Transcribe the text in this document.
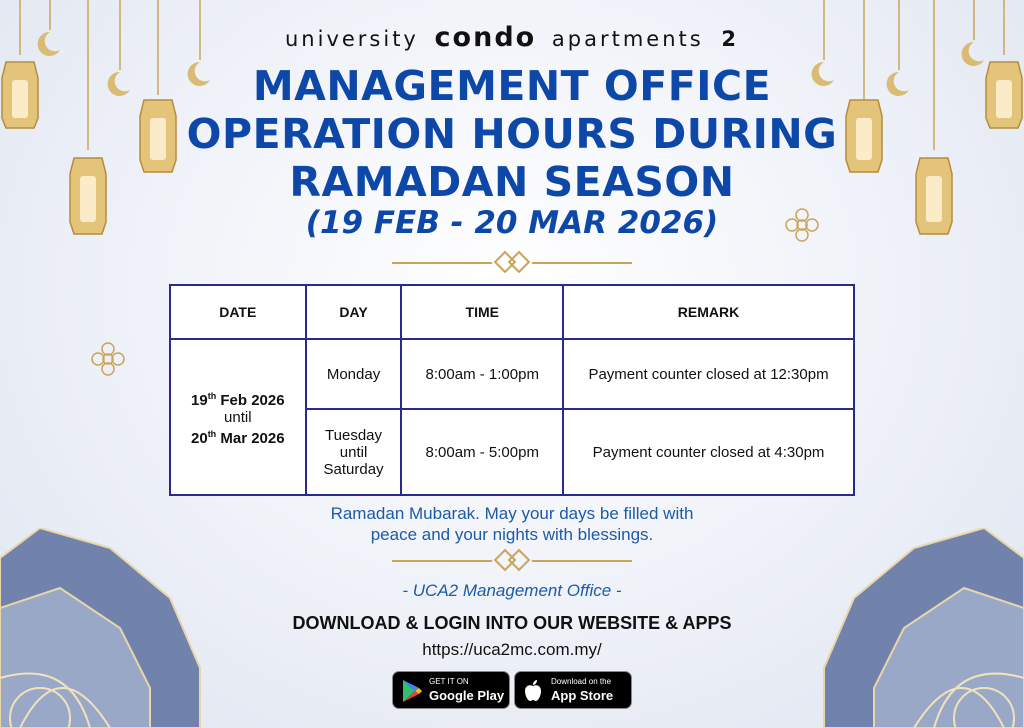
university condo apartments 2
MANAGEMENT OFFICE
OPERATION HOURS DURING
RAMADAN SEASON
(19 FEB - 20 MAR 2026)
DATE	DAY	TIME	REMARK

19th Feb 2026
until
20th Mar 2026	Monday	8:00am - 1:00pm	Payment counter closed at 12:30pm

	Tuesday
until
Saturday	8:00am - 5:00pm	Payment counter closed at 4:30pm
Ramadan Mubarak. May your days be filled with
peace and your nights with blessings.
- UCA2 Management Office -
DOWNLOAD & LOGIN INTO OUR WEBSITE & APPS
https://uca2mc.com.my/
GET IT ON
Google Play
Download on the
App Store
